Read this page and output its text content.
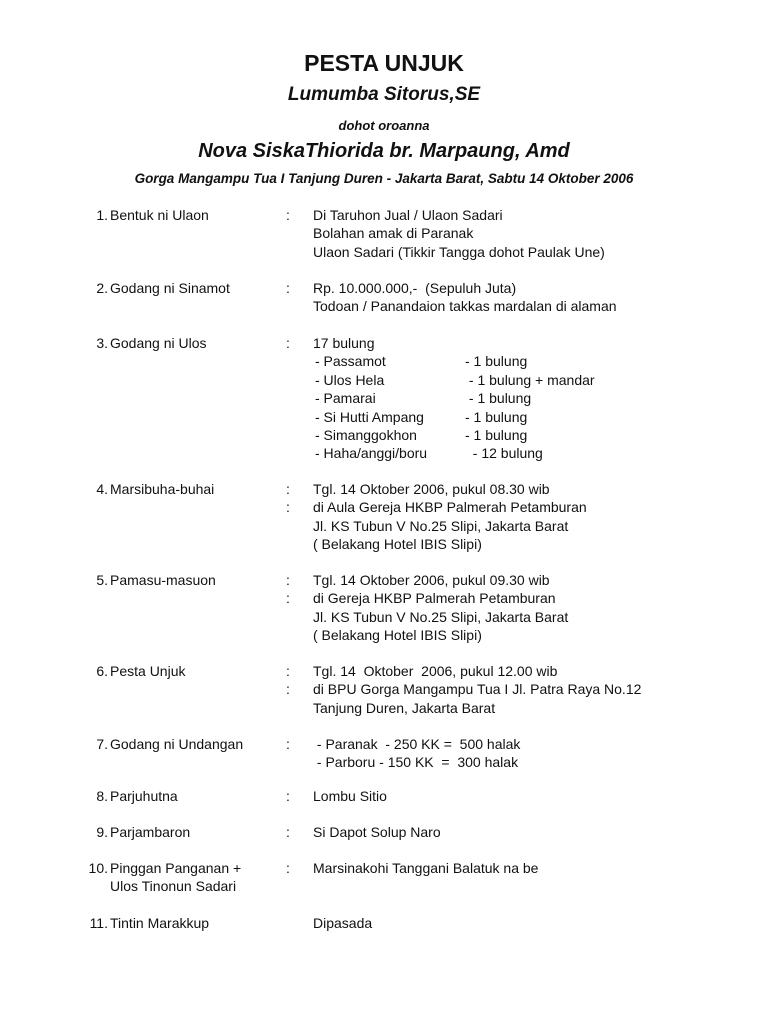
PESTA UNJUK
Lumumba Sitorus,SE
dohot oroanna
Nova SiskaThiorida br. Marpaung, Amd
Gorga Mangampu Tua I Tanjung Duren - Jakarta Barat, Sabtu 14 Oktober 2006
1. Bentuk ni Ulaon	: Di Taruhon Jual / Ulaon Sadari
Bolahan amak di Paranak
Ulaon Sadari (Tikkir Tangga dohot Paulak Une)
2. Godang ni Sinamot	: Rp. 10.000.000,-  (Sepuluh Juta)
Todoan / Panandaion takkas mardalan di alaman
3. Godang ni Ulos	: 17 bulung
- Passamot	- 1 bulung
- Ulos Hela	- 1 bulung + mandar
- Pamarai	- 1 bulung
- Si Hutti Ampang	- 1 bulung
- Simanggokhon	- 1 bulung
- Haha/anggi/boru	- 12 bulung
4. Marsibuha-buhai	: Tgl. 14 Oktober 2006, pukul 08.30 wib
: di Aula Gereja HKBP Palmerah Petamburan
Jl. KS Tubun V No.25 Slipi, Jakarta Barat
( Belakang Hotel IBIS Slipi)
5. Pamasu-masuon	: Tgl. 14 Oktober 2006, pukul 09.30 wib
: di Gereja HKBP Palmerah Petamburan
Jl. KS Tubun V No.25 Slipi, Jakarta Barat
( Belakang Hotel IBIS Slipi)
6. Pesta Unjuk	: Tgl. 14  Oktober  2006, pukul 12.00 wib
: di BPU Gorga Mangampu Tua I Jl. Patra Raya No.12
Tanjung Duren, Jakarta Barat
7. Godang ni Undangan	: - Paranak  - 250 KK =  500 halak
- Parboru - 150 KK  =  300 halak
8. Parjuhutna	: Lombu Sitio
9. Parjambaron	: Si Dapot Solup Naro
10. Pinggan Panganan +	: Marsinakohi Tanggani Balatuk na be
Ulos Tinonun Sadari
11. Tintin Marakkup	Dipasada
